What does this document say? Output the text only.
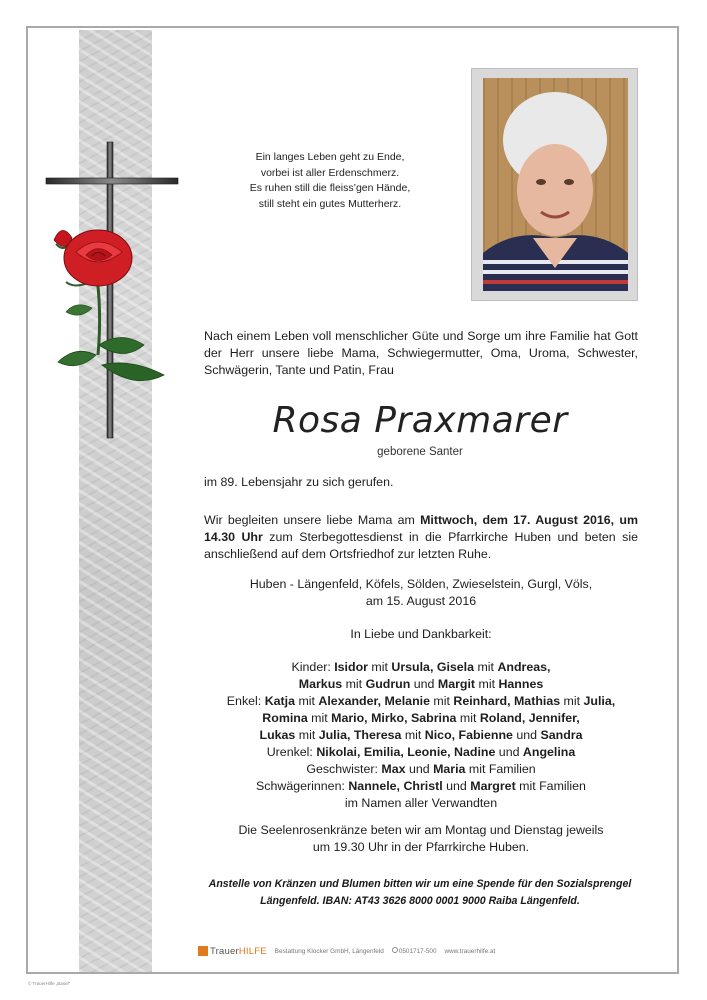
Ein langes Leben geht zu Ende,
vorbei ist aller Erdenschmerz.
Es ruhen still die fleiss’gen Hände,
still steht ein gutes Mutterherz.
Nach einem Leben voll menschlicher Güte und Sorge um ihre Familie hat Gott der Herr unsere liebe Mama, Schwiegermutter, Oma, Uroma, Schwester, Schwägerin, Tante und Patin, Frau
Rosa Praxmarer
geborene Santer
im 89. Lebensjahr zu sich gerufen.
Wir begleiten unsere liebe Mama am Mittwoch, dem 17. August 2016, um 14.30 Uhr zum Sterbegottesdienst in die Pfarrkirche Huben und beten sie anschließend auf dem Ortsfriedhof zur letzten Ruhe.
Huben - Längenfeld, Köfels, Sölden, Zwieselstein, Gurgl, Völs,
am 15. August 2016
In Liebe und Dankbarkeit:
Kinder: Isidor mit Ursula, Gisela mit Andreas,
Markus mit Gudrun und Margit mit Hannes
Enkel: Katja mit Alexander, Melanie mit Reinhard, Mathias mit Julia,
Romina mit Mario, Mirko, Sabrina mit Roland, Jennifer,
Lukas mit Julia, Theresa mit Nico, Fabienne und Sandra
Urenkel: Nikolai, Emilia, Leonie, Nadine und Angelina
Geschwister: Max und Maria mit Familien
Schwägerinnen: Nannele, Christl und Margret mit Familien
im Namen aller Verwandten
Die Seelenrosenkränze beten wir am Montag und Dienstag jeweils
um 19.30 Uhr in der Pfarrkirche Huben.
Anstelle von Kränzen und Blumen bitten wir um eine Spende für den Sozialsprengel
Längenfeld. IBAN: AT43 3626 8000 0001 9000 Raiba Längenfeld.
TrauerHILFE Bestattung Klocker GmbH, Längenfeld	0501717-500 www.trauerhilfe.at
© TrauerHilfe „Basel“
